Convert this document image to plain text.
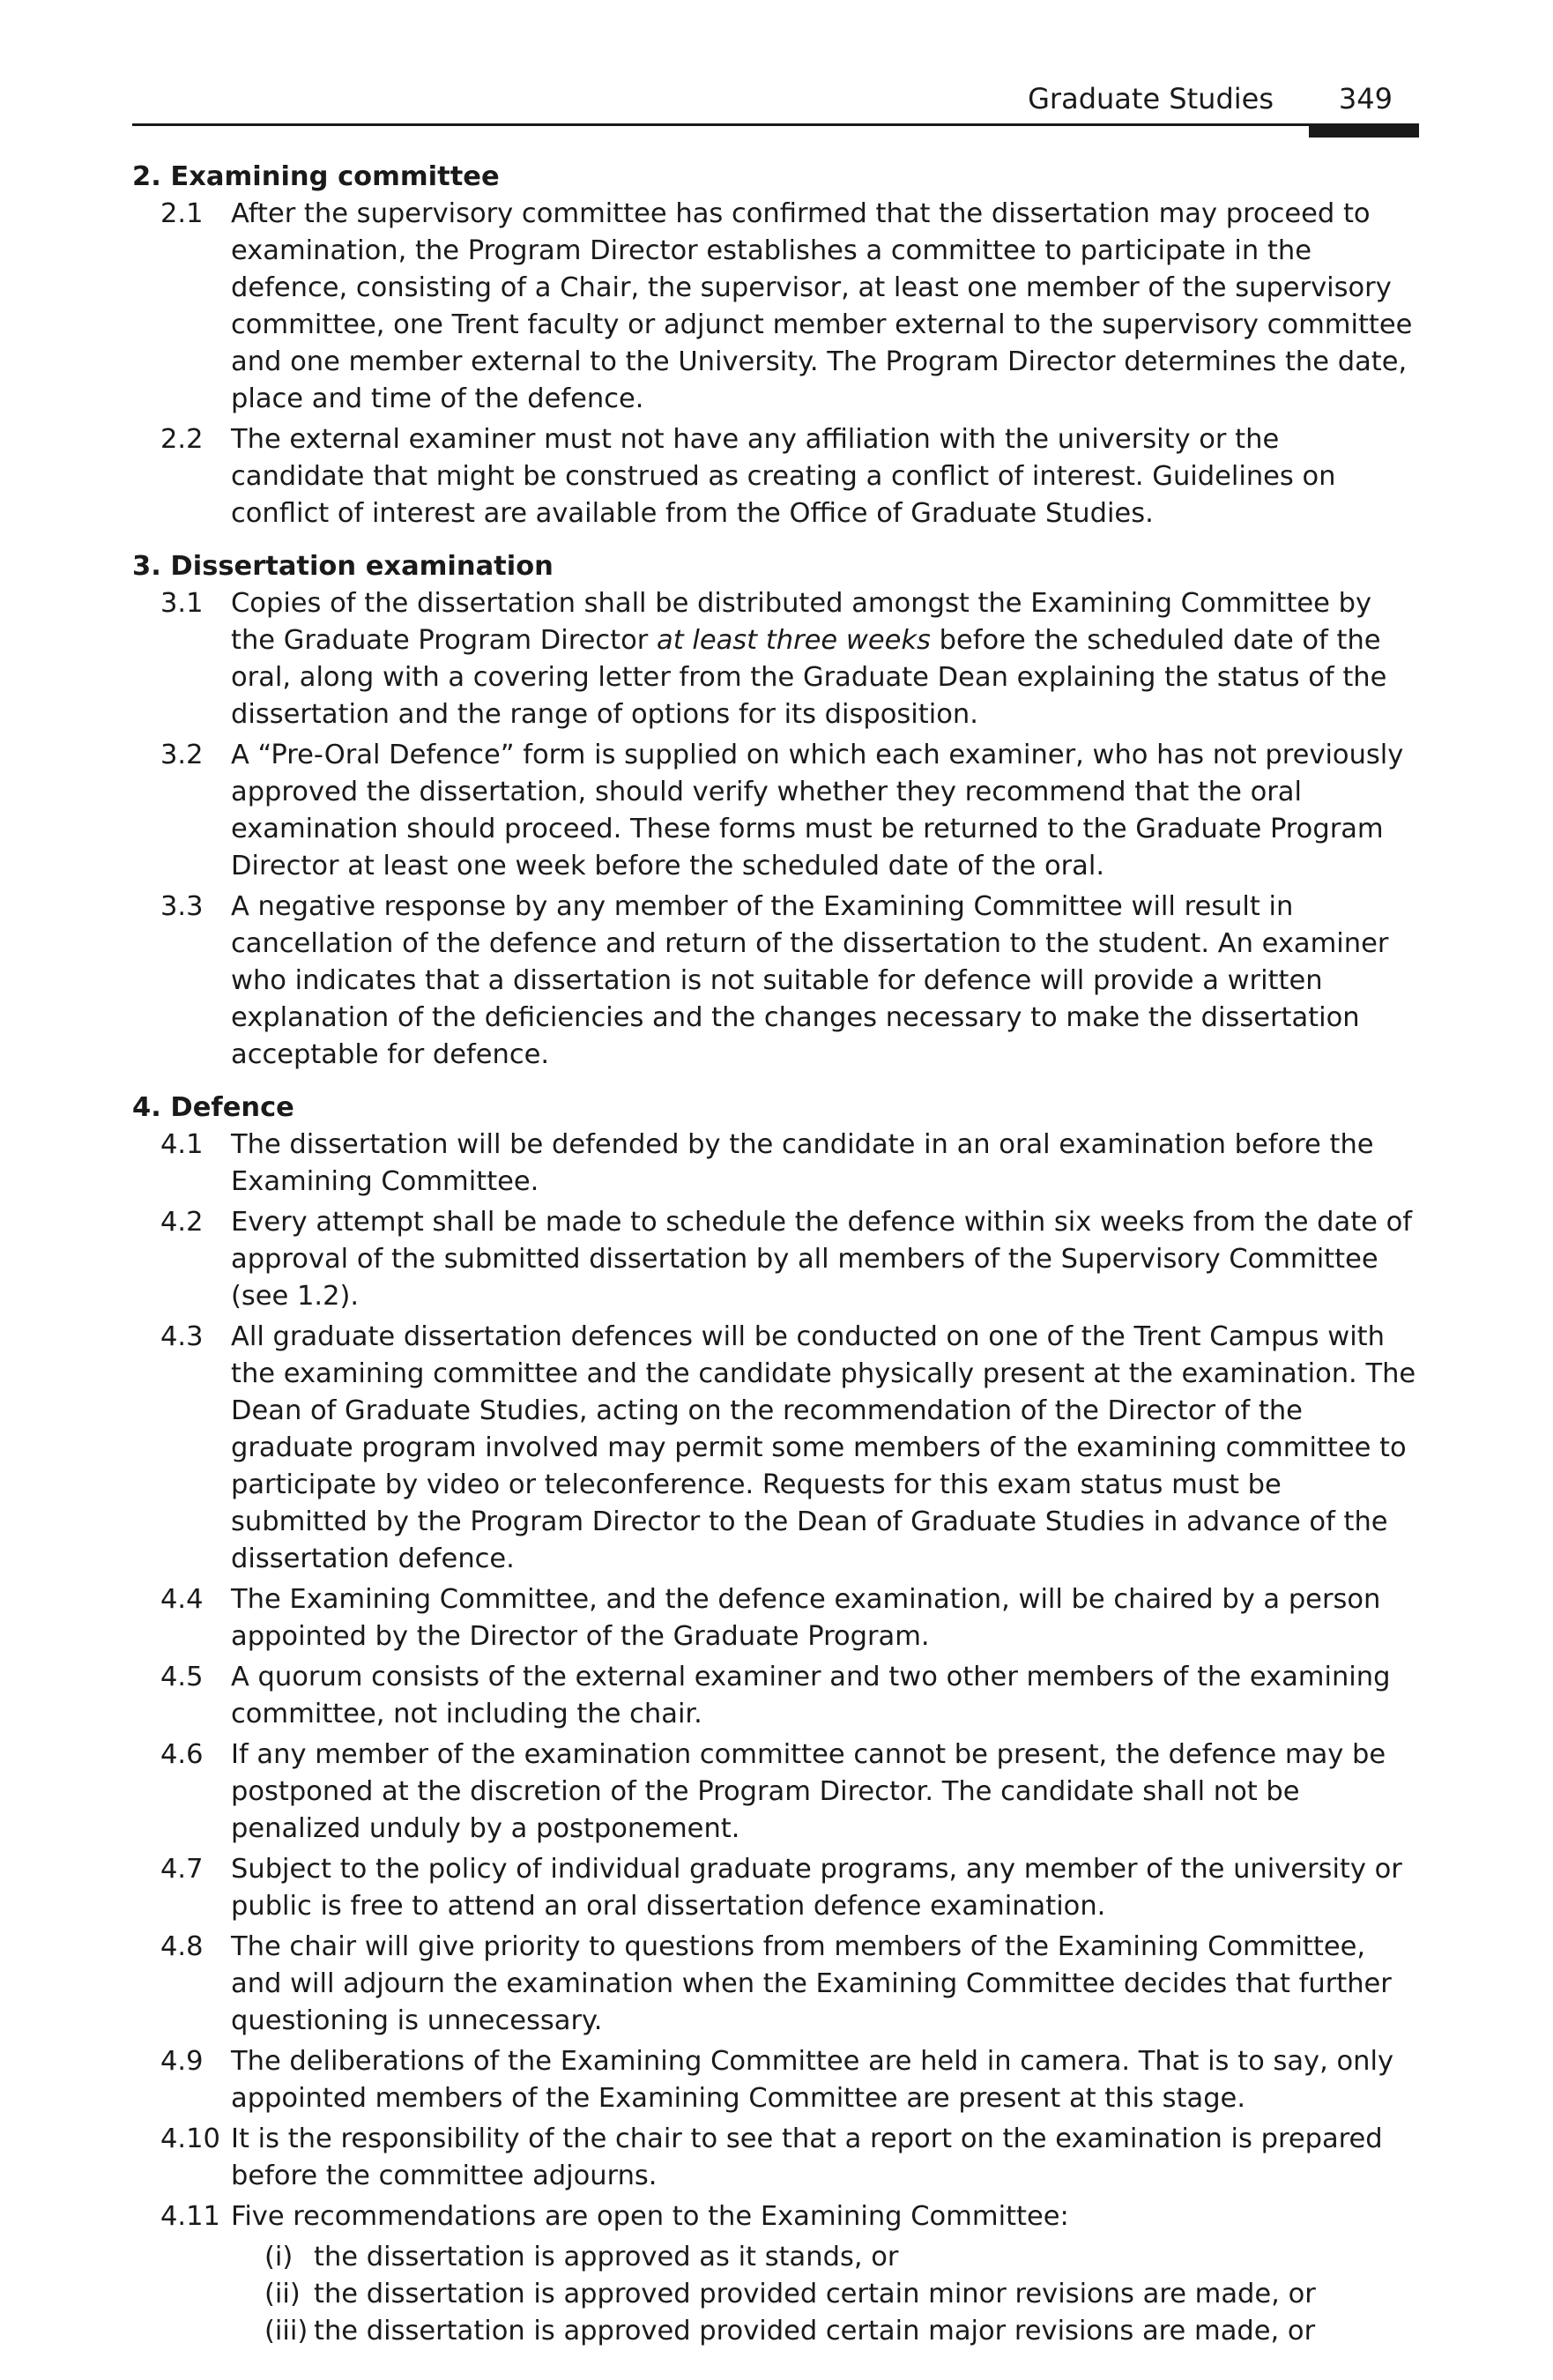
Graduate Studies 349

2. Examining committee

2.1 After the supervisory committee has confirmed that the dissertation may proceed to examination, the Program Director establishes a committee to participate in the defence, consisting of a Chair, the supervisor, at least one member of the supervisory committee, one Trent faculty or adjunct member external to the supervisory committee and one member external to the University. The Program Director determines the date, place and time of the defence.
2.2 The external examiner must not have any affiliation with the university or the candidate that might be construed as creating a conflict of interest. Guidelines on conflict of interest are available from the Office of Graduate Studies.

3. Dissertation examination

3.1 Copies of the dissertation shall be distributed amongst the Examining Committee by the Graduate Program Director at least three weeks before the scheduled date of the oral, along with a covering letter from the Graduate Dean explaining the status of the dissertation and the range of options for its disposition.
3.2 A “Pre-Oral Defence” form is supplied on which each examiner, who has not previously approved the dissertation, should verify whether they recommend that the oral examination should proceed. These forms must be returned to the Graduate Program Director at least one week before the scheduled date of the oral.
3.3 A negative response by any member of the Examining Committee will result in cancellation of the defence and return of the dissertation to the student. An examiner who indicates that a dissertation is not suitable for defence will provide a written explanation of the deficiencies and the changes necessary to make the dissertation acceptable for defence.

4. Defence

4.1 The dissertation will be defended by the candidate in an oral examination before the Examining Committee.
4.2 Every attempt shall be made to schedule the defence within six weeks from the date of approval of the submitted dissertation by all members of the Supervisory Committee (see 1.2).
4.3 All graduate dissertation defences will be conducted on one of the Trent Campus with the examining committee and the candidate physically present at the examination. The Dean of Graduate Studies, acting on the recommendation of the Director of the graduate program involved may permit some members of the examining committee to participate by video or teleconference. Requests for this exam status must be submitted by the Program Director to the Dean of Graduate Studies in advance of the dissertation defence.
4.4 The Examining Committee, and the defence examination, will be chaired by a person appointed by the Director of the Graduate Program.
4.5 A quorum consists of the external examiner and two other members of the examining committee, not including the chair.
4.6 If any member of the examination committee cannot be present, the defence may be postponed at the discretion of the Program Director. The candidate shall not be penalized unduly by a postponement.
4.7 Subject to the policy of individual graduate programs, any member of the university or public is free to attend an oral dissertation defence examination.
4.8 The chair will give priority to questions from members of the Examining Committee, and will adjourn the examination when the Examining Committee decides that further questioning is unnecessary.
4.9 The deliberations of the Examining Committee are held in camera. That is to say, only appointed members of the Examining Committee are present at this stage.
4.10 It is the responsibility of the chair to see that a report on the examination is prepared before the committee adjourns.
4.11 Five recommendations are open to the Examining Committee:
(i) the dissertation is approved as it stands, or
(ii) the dissertation is approved provided certain minor revisions are made, or
(iii) the dissertation is approved provided certain major revisions are made, or
